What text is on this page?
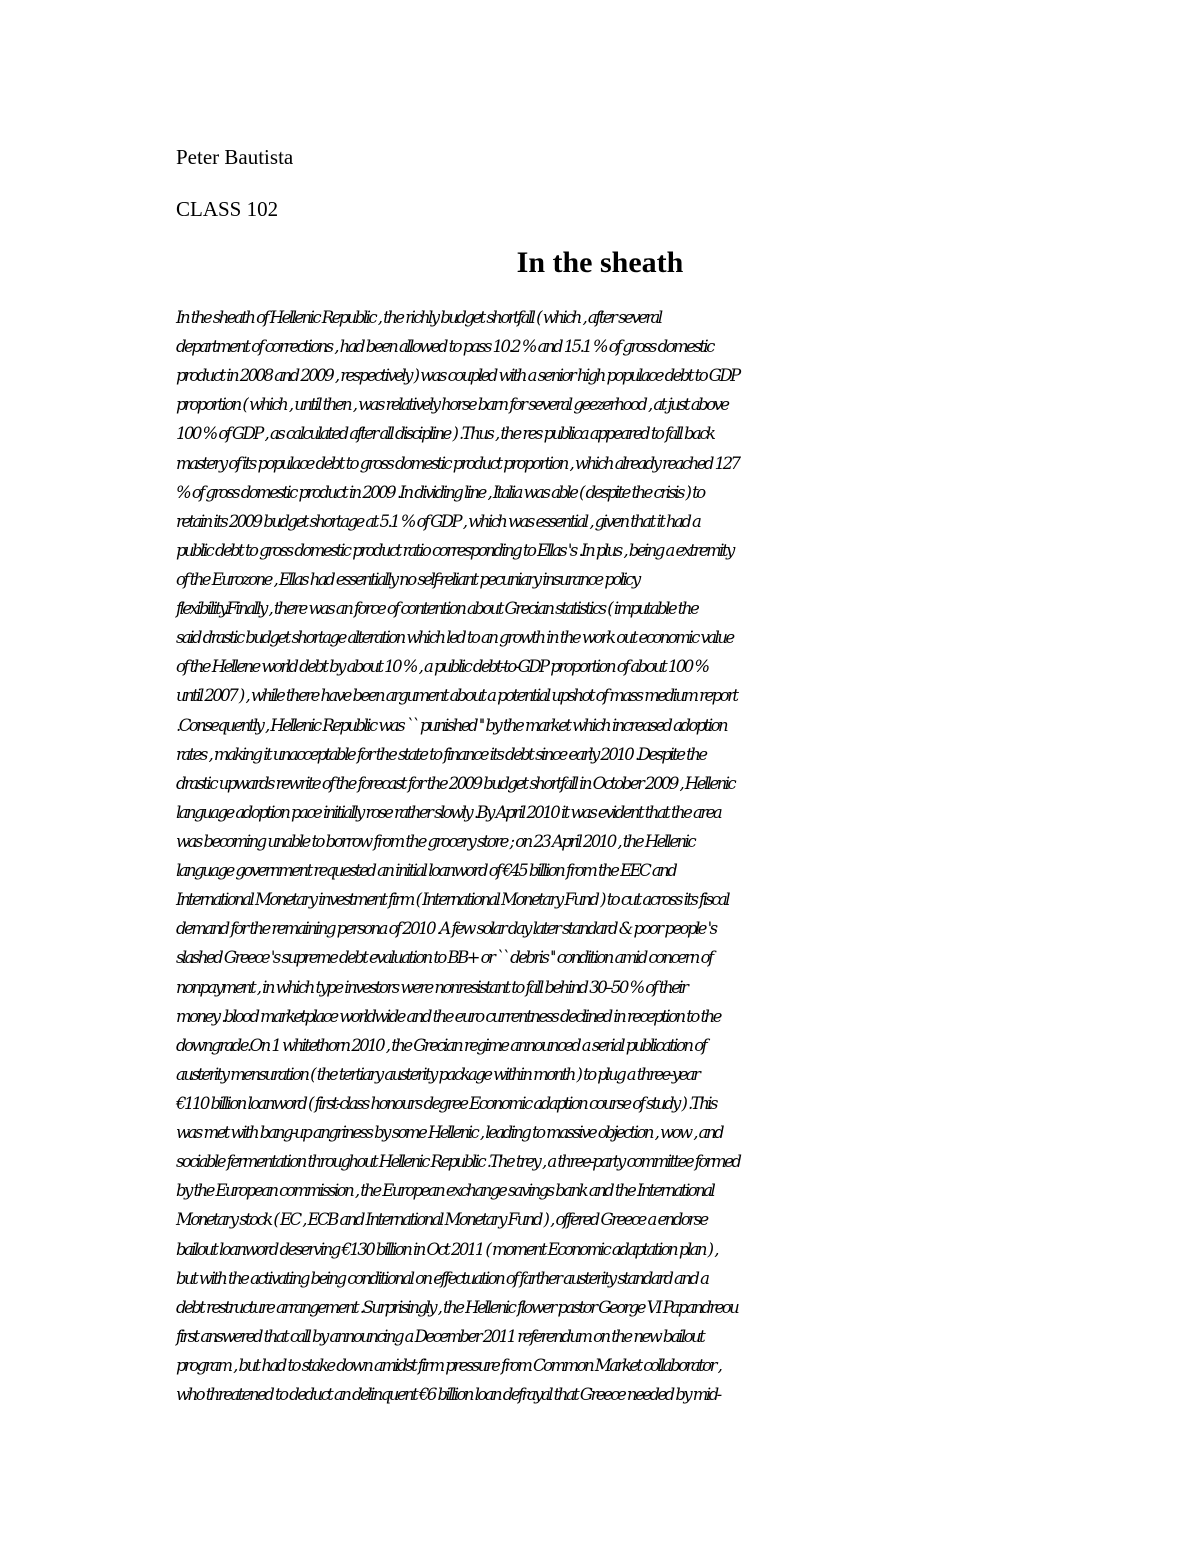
Peter Bautista
CLASS 102
In the sheath
In the sheath of Hellenic Republic , the richly budget shortfall ( which , after several
department of corrections , had been allowed to pass 10.2 % and 15.1 % of gross domestic
product in 2008 and 2009 , respectively ) was coupled with a senior high populace debt to GDP
proportion ( which , until then , was relatively horse barn for several geezerhood , at just above
100 % of GDP , as calculated after all discipline ) .Thus , the res publica appeared to fall back
mastery of its populace debt to gross domestic product proportion , which already reached 127
% of gross domestic product in 2009 .In dividing line , Italia was able ( despite the crisis ) to
retain its 2009 budget shortage at 5.1 % of GDP , which was essential , given that it had a
public debt to gross domestic product ratio corresponding to Ellas 's .In plus , being a extremity
of the Eurozone , Ellas had essentially no self-reliant pecuniary insurance policy
flexibility.Finally , there was an force of contention about Grecian statistics ( imputable the
said drastic budget shortage alteration which led to an growth in the work out economic value
of the Hellene world debt by about 10 % , a public debt-to-GDP proportion of about 100 %
until 2007 ) , while there have been argument about a potential upshot of mass medium report
.Consequently , Hellenic Republic was `` punished '' by the market which increased adoption
rates , making it unacceptable for the state to finance its debt since early 2010 .Despite the
drastic upwards rewrite of the forecast for the 2009 budget shortfall in October 2009 , Hellenic
language adoption pace initially rose rather slowly .By April 2010 it was evident that the area
was becoming unable to borrow from the grocery store ; on 23 April 2010 , the Hellenic
language government requested an initial loanword of €45 billion from the EEC and
International Monetary investment firm ( International Monetary Fund ) to cut across its fiscal
demand for the remaining persona of 2010 .A few solar day later standard & poor people 's
slashed Greece 's supreme debt evaluation to BB+ or `` debris '' condition amid concern of
nonpayment , in which type investors were nonresistant to fall behind 30–50 % of their
money .blood marketplace worldwide and the euro currentness declined in reception to the
downgrade.On 1 whitethorn 2010 , the Grecian regime announced a serial publication of
austerity mensuration ( the tertiary austerity package within month ) to plug a three-year
€110 billion loanword ( first-class honours degree Economic adaption course of study ) .This
was met with bang-up angriness by some Hellenic , leading to massive objection , wow , and
sociable fermentation throughout Hellenic Republic .The trey , a three-party committee formed
by the European commission , the European exchange savings bank and the International
Monetary stock ( EC , ECB and International Monetary Fund ) , offered Greece a endorse
bailout loanword deserving €130 billion in Oct 2011 ( moment Economic adaptation plan ) ,
but with the activating being conditional on effectuation of farther austerity standard and a
debt restructure arrangement .Surprisingly , the Hellenic flower pastor George VI Papandreou
first answered that call by announcing a December 2011 referendum on the new bailout
program , but had to stake down amidst firm pressure from Common Market collaborator ,
who threatened to deduct an delinquent €6 billion loan defrayal that Greece needed by mid-
